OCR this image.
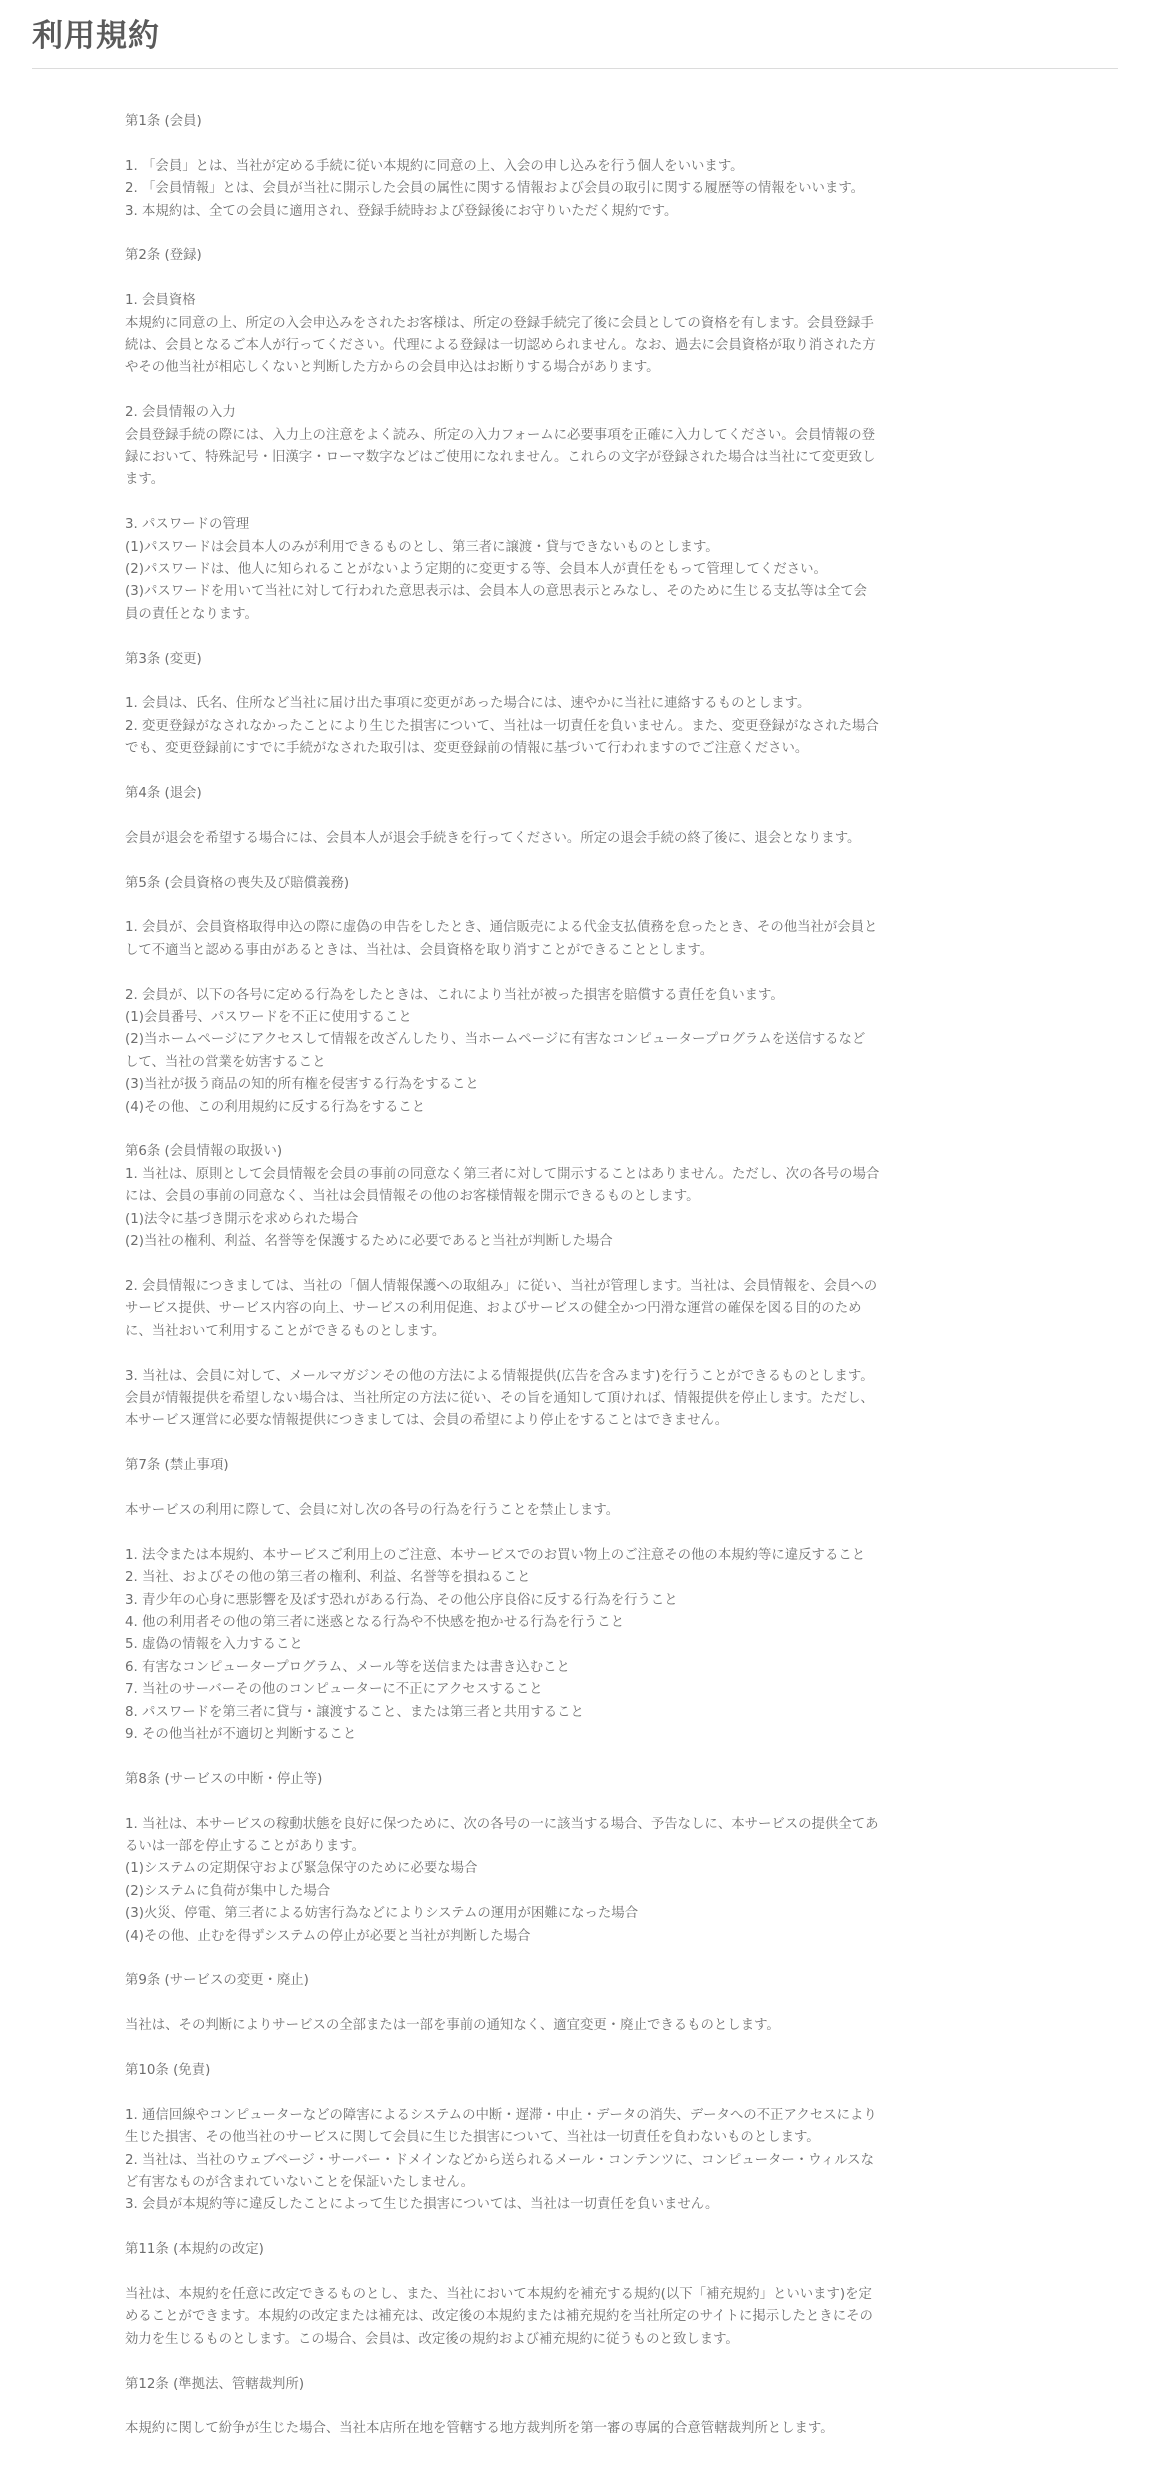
利用規約
第1条 (会員)
1. 「会員」とは、当社が定める手続に従い本規約に同意の上、入会の申し込みを行う個人をいいます。
2. 「会員情報」とは、会員が当社に開示した会員の属性に関する情報および会員の取引に関する履歴等の情報をいいます。
3. 本規約は、全ての会員に適用され、登録手続時および登録後にお守りいただく規約です。
第2条 (登録)
1. 会員資格
本規約に同意の上、所定の入会申込みをされたお客様は、所定の登録手続完了後に会員としての資格を有します。会員登録手
続は、会員となるご本人が行ってください。代理による登録は一切認められません。なお、過去に会員資格が取り消された方
やその他当社が相応しくないと判断した方からの会員申込はお断りする場合があります。
2. 会員情報の入力
会員登録手続の際には、入力上の注意をよく読み、所定の入力フォームに必要事項を正確に入力してください。会員情報の登
録において、特殊記号・旧漢字・ローマ数字などはご使用になれません。これらの文字が登録された場合は当社にて変更致し
ます。
3. パスワードの管理
(1)パスワードは会員本人のみが利用できるものとし、第三者に譲渡・貸与できないものとします。
(2)パスワードは、他人に知られることがないよう定期的に変更する等、会員本人が責任をもって管理してください。
(3)パスワードを用いて当社に対して行われた意思表示は、会員本人の意思表示とみなし、そのために生じる支払等は全て会
員の責任となります。
第3条 (変更)
1. 会員は、氏名、住所など当社に届け出た事項に変更があった場合には、速やかに当社に連絡するものとします。
2. 変更登録がなされなかったことにより生じた損害について、当社は一切責任を負いません。また、変更登録がなされた場合
でも、変更登録前にすでに手続がなされた取引は、変更登録前の情報に基づいて行われますのでご注意ください。
第4条 (退会)
会員が退会を希望する場合には、会員本人が退会手続きを行ってください。所定の退会手続の終了後に、退会となります。
第5条 (会員資格の喪失及び賠償義務)
1. 会員が、会員資格取得申込の際に虚偽の申告をしたとき、通信販売による代金支払債務を怠ったとき、その他当社が会員と
して不適当と認める事由があるときは、当社は、会員資格を取り消すことができることとします。
2. 会員が、以下の各号に定める行為をしたときは、これにより当社が被った損害を賠償する責任を負います。
(1)会員番号、パスワードを不正に使用すること
(2)当ホームページにアクセスして情報を改ざんしたり、当ホームページに有害なコンピュータープログラムを送信するなど
して、当社の営業を妨害すること
(3)当社が扱う商品の知的所有権を侵害する行為をすること
(4)その他、この利用規約に反する行為をすること
第6条 (会員情報の取扱い)
1. 当社は、原則として会員情報を会員の事前の同意なく第三者に対して開示することはありません。ただし、次の各号の場合
には、会員の事前の同意なく、当社は会員情報その他のお客様情報を開示できるものとします。
(1)法令に基づき開示を求められた場合
(2)当社の権利、利益、名誉等を保護するために必要であると当社が判断した場合
2. 会員情報につきましては、当社の「個人情報保護への取組み」に従い、当社が管理します。当社は、会員情報を、会員への
サービス提供、サービス内容の向上、サービスの利用促進、およびサービスの健全かつ円滑な運営の確保を図る目的のため
に、当社おいて利用することができるものとします。
3. 当社は、会員に対して、メールマガジンその他の方法による情報提供(広告を含みます)を行うことができるものとします。
会員が情報提供を希望しない場合は、当社所定の方法に従い、その旨を通知して頂ければ、情報提供を停止します。ただし、
本サービス運営に必要な情報提供につきましては、会員の希望により停止をすることはできません。
第7条 (禁止事項)
本サービスの利用に際して、会員に対し次の各号の行為を行うことを禁止します。
1. 法令または本規約、本サービスご利用上のご注意、本サービスでのお買い物上のご注意その他の本規約等に違反すること
2. 当社、およびその他の第三者の権利、利益、名誉等を損ねること
3. 青少年の心身に悪影響を及ぼす恐れがある行為、その他公序良俗に反する行為を行うこと
4. 他の利用者その他の第三者に迷惑となる行為や不快感を抱かせる行為を行うこと
5. 虚偽の情報を入力すること
6. 有害なコンピュータープログラム、メール等を送信または書き込むこと
7. 当社のサーバーその他のコンピューターに不正にアクセスすること
8. パスワードを第三者に貸与・譲渡すること、または第三者と共用すること
9. その他当社が不適切と判断すること
第8条 (サービスの中断・停止等)
1. 当社は、本サービスの稼動状態を良好に保つために、次の各号の一に該当する場合、予告なしに、本サービスの提供全てあ
るいは一部を停止することがあります。
(1)システムの定期保守および緊急保守のために必要な場合
(2)システムに負荷が集中した場合
(3)火災、停電、第三者による妨害行為などによりシステムの運用が困難になった場合
(4)その他、止むを得ずシステムの停止が必要と当社が判断した場合
第9条 (サービスの変更・廃止)
当社は、その判断によりサービスの全部または一部を事前の通知なく、適宜変更・廃止できるものとします。
第10条 (免責)
1. 通信回線やコンピューターなどの障害によるシステムの中断・遅滞・中止・データの消失、データへの不正アクセスにより
生じた損害、その他当社のサービスに関して会員に生じた損害について、当社は一切責任を負わないものとします。
2. 当社は、当社のウェブページ・サーバー・ドメインなどから送られるメール・コンテンツに、コンピューター・ウィルスな
ど有害なものが含まれていないことを保証いたしません。
3. 会員が本規約等に違反したことによって生じた損害については、当社は一切責任を負いません。
第11条 (本規約の改定)
当社は、本規約を任意に改定できるものとし、また、当社において本規約を補充する規約(以下「補充規約」といいます)を定
めることができます。本規約の改定または補充は、改定後の本規約または補充規約を当社所定のサイトに掲示したときにその
効力を生じるものとします。この場合、会員は、改定後の規約および補充規約に従うものと致します。
第12条 (準拠法、管轄裁判所)
本規約に関して紛争が生じた場合、当社本店所在地を管轄する地方裁判所を第一審の専属的合意管轄裁判所とします。
